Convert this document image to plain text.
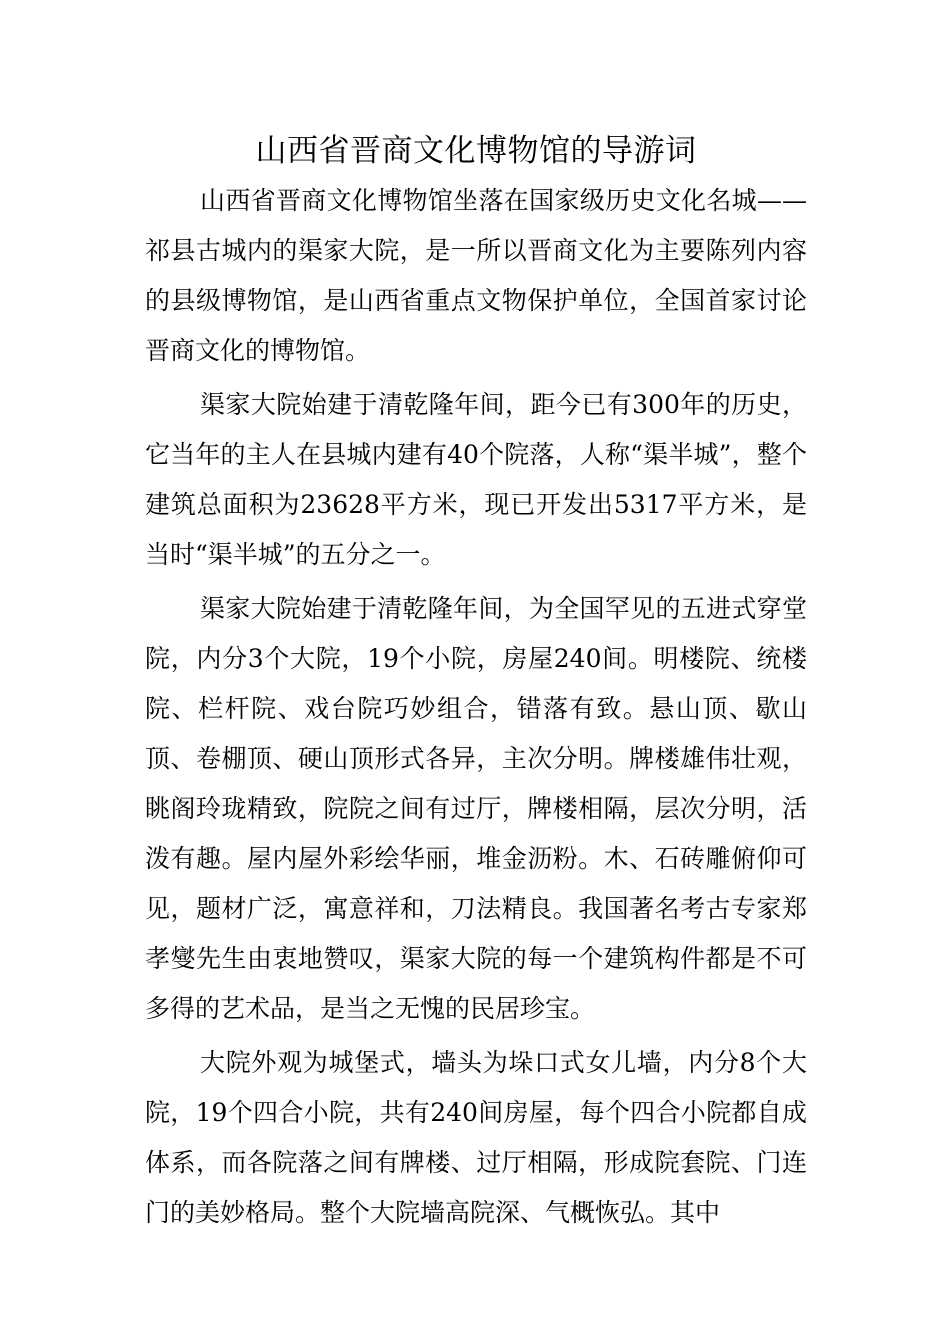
山西省晋商文化博物馆的导游词

山西省晋商文化博物馆坐落在国家级历史文化名城——祁县古城内的渠家大院，是一所以晋商文化为主要陈列内容的县级博物馆，是山西省重点文物保护单位，全国首家讨论晋商文化的博物馆。

渠家大院始建于清乾隆年间，距今已有300年的历史，它当年的主人在县城内建有40个院落，人称“渠半城”，整个建筑总面积为23628平方米，现已开发出5317平方米，是当时“渠半城”的五分之一。

渠家大院始建于清乾隆年间，为全国罕见的五进式穿堂院，内分3个大院，19个小院，房屋240间。明楼院、统楼院、栏杆院、戏台院巧妙组合，错落有致。悬山顶、歇山顶、卷棚顶、硬山顶形式各异，主次分明。牌楼雄伟壮观，眺阁玲珑精致，院院之间有过厅，牌楼相隔，层次分明，活泼有趣。屋内屋外彩绘华丽，堆金沥粉。木、石砖雕俯仰可见，题材广泛，寓意祥和，刀法精良。我国著名考古专家郑孝燮先生由衷地赞叹，渠家大院的每一个建筑构件都是不可多得的艺术品，是当之无愧的民居珍宝。

大院外观为城堡式，墙头为垛口式女儿墙，内分8个大院，19个四合小院，共有240间房屋，每个四合小院都自成体系，而各院落之间有牌楼、过厅相隔，形成院套院、门连门的美妙格局。整个大院墙高院深、气概恢弘。其中
